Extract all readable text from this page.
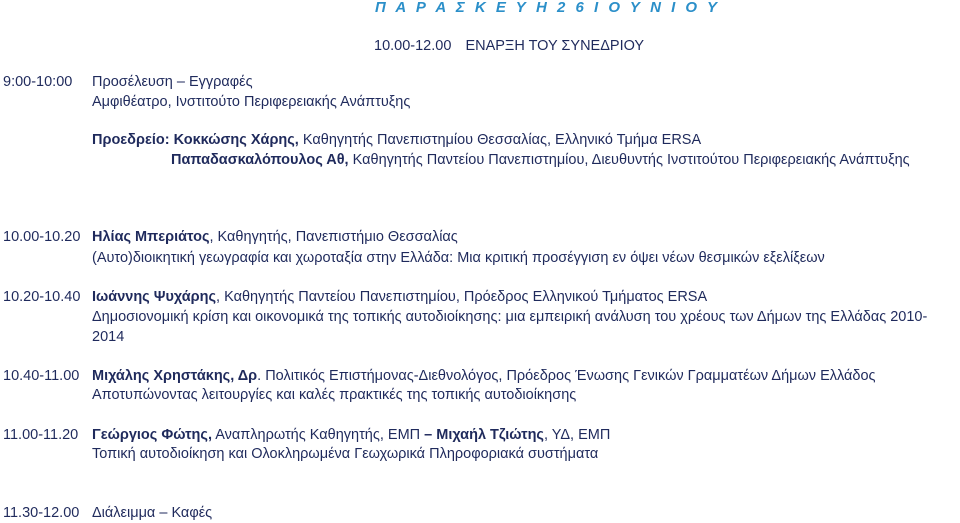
Π Α Ρ Α Σ Κ Ε Υ Η 2 6 Ι Ο Υ Ν Ι Ο Υ
10.00-12.00 ΕΝΑΡΞΗ ΤΟΥ ΣΥΝΕΔΡΙΟΥ
9:00-10:00 Προσέλευση – Εγγραφές
Αμφιθέατρο, Ινστιτούτο Περιφερειακής Ανάπτυξης
Προεδρείο: Κοκκώσης Χάρης, Καθηγητής Πανεπιστημίου Θεσσαλίας, Ελληνικό Τμήμα ERSA
Παπαδασκαλόπουλος Αθ, Καθηγητής Παντείου Πανεπιστημίου, Διευθυντής Ινστιτούτου Περιφερειακής Ανάπτυξης
10.00-10.20 Ηλίας Μπεριάτος, Καθηγητής, Πανεπιστήμιο Θεσσαλίας
(Αυτο)διοικητική γεωγραφία και χωροταξία στην Ελλάδα: Μια κριτική προσέγγιση εν όψει νέων θεσμικών εξελίξεων
10.20-10.40 Ιωάννης Ψυχάρης, Καθηγητής Παντείου Πανεπιστημίου, Πρόεδρος Ελληνικού Τμήματος ERSA
Δημοσιονομική κρίση και οικονομικά της τοπικής αυτοδιοίκησης: μια εμπειρική ανάλυση του χρέους των Δήμων της Ελλάδας 2010-
2014
10.40-11.00 Μιχάλης Χρηστάκης, Δρ. Πολιτικός Επιστήμονας-Διεθνολόγος, Πρόεδρος Ένωσης Γενικών Γραμματέων Δήμων Ελλάδος
Αποτυπώνοντας λειτουργίες και καλές πρακτικές της τοπικής αυτοδιοίκησης
11.00-11.20 Γεώργιος Φώτης, Αναπληρωτής Καθηγητής, ΕΜΠ – Μιχαήλ Τζιώτης, ΥΔ, ΕΜΠ
Τοπική αυτοδιοίκηση και Ολοκληρωμένα Γεωχωρικά Πληροφοριακά συστήματα
11.30-12.00 Διάλειμμα – Καφές
